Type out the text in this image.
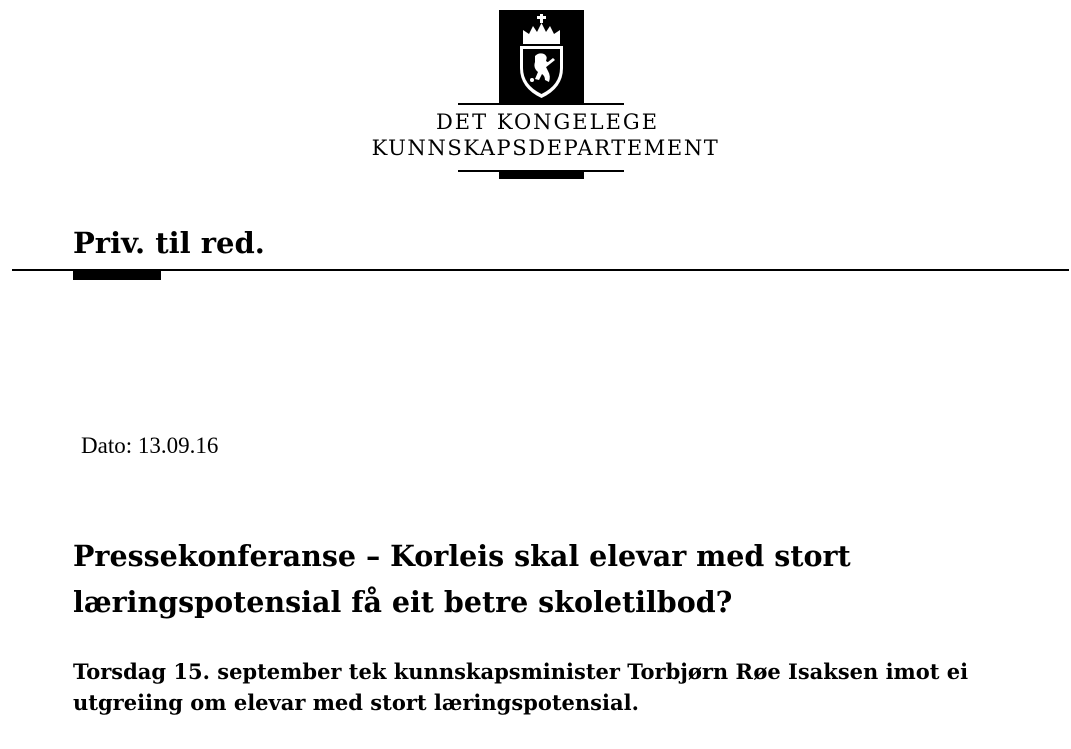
DET KONGELEGE
KUNNSKAPSDEPARTEMENT
Priv. til red.
Dato: 13.09.16
Pressekonferanse – Korleis skal elevar med stort
læringspotensial få eit betre skoletilbod?

Torsdag 15. september tek kunnskapsminister Torbjørn Røe Isaksen imot ei
utgreiing om elevar med stort læringspotensial.
